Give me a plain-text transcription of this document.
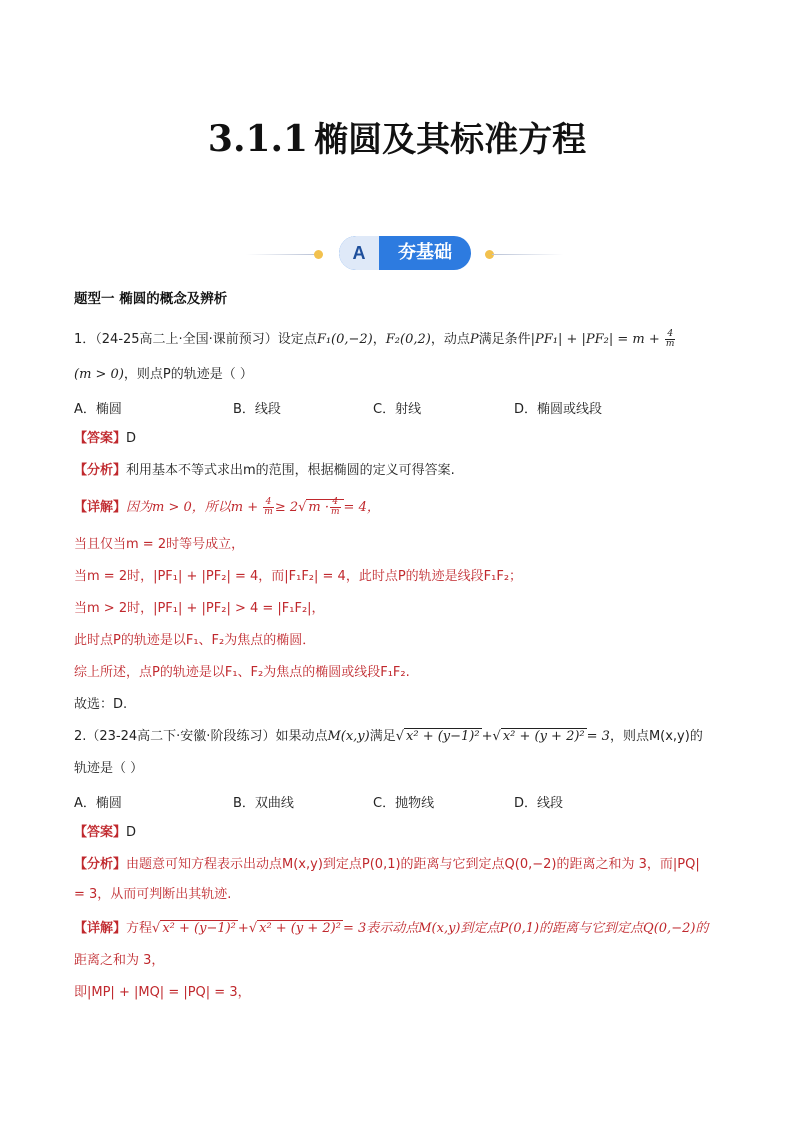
3.1.1 椭圆及其标准方程
A	夯基础
题型一 椭圆的概念及辨析
1．（24-25高二上·全国·课前预习）设定点F₁(0,−2)，F₂(0,2)，动点P满足条件$|PF_1| + |PF_2| = m + \frac{4}{m}$
(m > 0)，则点P的轨迹是（ ）
A．椭圆	B．线段	C．射线	D．椭圆或线段
【答案】D
【分析】利用基本不等式求出m的范围，根据椭圆的定义可得答案.
【详解】因为m > 0，所以$m + \frac{4}{m} \ge 2√$ $m \cdot \frac{4}{m} = 4$，
当且仅当m = 2时等号成立，
当m = 2时，|PF₁| + |PF₂| = 4，而|F₁F₂| = 4，此时点P的轨迹是线段F₁F₂；
当m > 2时，|PF₁| + |PF₂| > 4 = |F₁F₂|，
此时点P的轨迹是以F₁、F₂为焦点的椭圆．
综上所述，点P的轨迹是以F₁、F₂为焦点的椭圆或线段F₁F₂.
故选：D.
2.（23-24高二下·安徽·阶段练习）如果动点M(x,y)满足√ x² + (y−1)² +√ x² + (y + 2)² = 3，则点M(x,y)的
轨迹是（ ）
A．椭圆	B．双曲线	C．抛物线	D．线段
【答案】D
【分析】由题意可知方程表示出动点M(x,y)到定点P(0,1)的距离与它到定点Q(0,−2)的距离之和为 3，而|PQ|
= 3，从而可判断出其轨迹.
【详解】方程√ x² + (y−1)² +√ x² + (y + 2)² = 3表示动点M(x,y)到定点P(0,1)的距离与它到定点Q(0,−2)的
距离之和为 3，
即|MP| + |MQ| = |PQ| = 3，
